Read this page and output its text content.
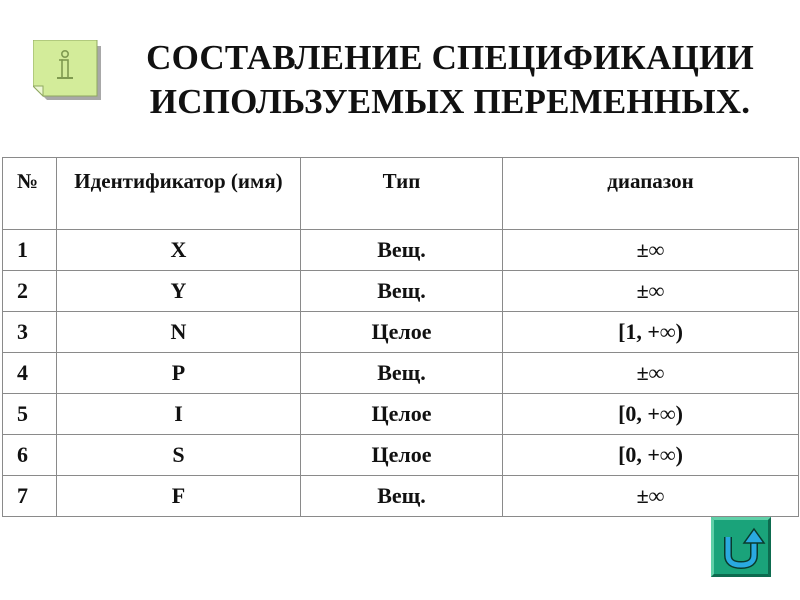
СОСТАВЛЕНИЕ СПЕЦИФИКАЦИИ
ИСПОЛЬЗУЕМЫХ ПЕРЕМЕННЫХ.
№	Идентификатор (имя)	Тип	диапазон
1	X	Вещ.	±∞
2	Y	Вещ.	±∞
3	N	Целое	[1, +∞)
4	P	Вещ.	±∞
5	I	Целое	[0, +∞)
6	S	Целое	[0, +∞)
7	F	Вещ.	±∞
